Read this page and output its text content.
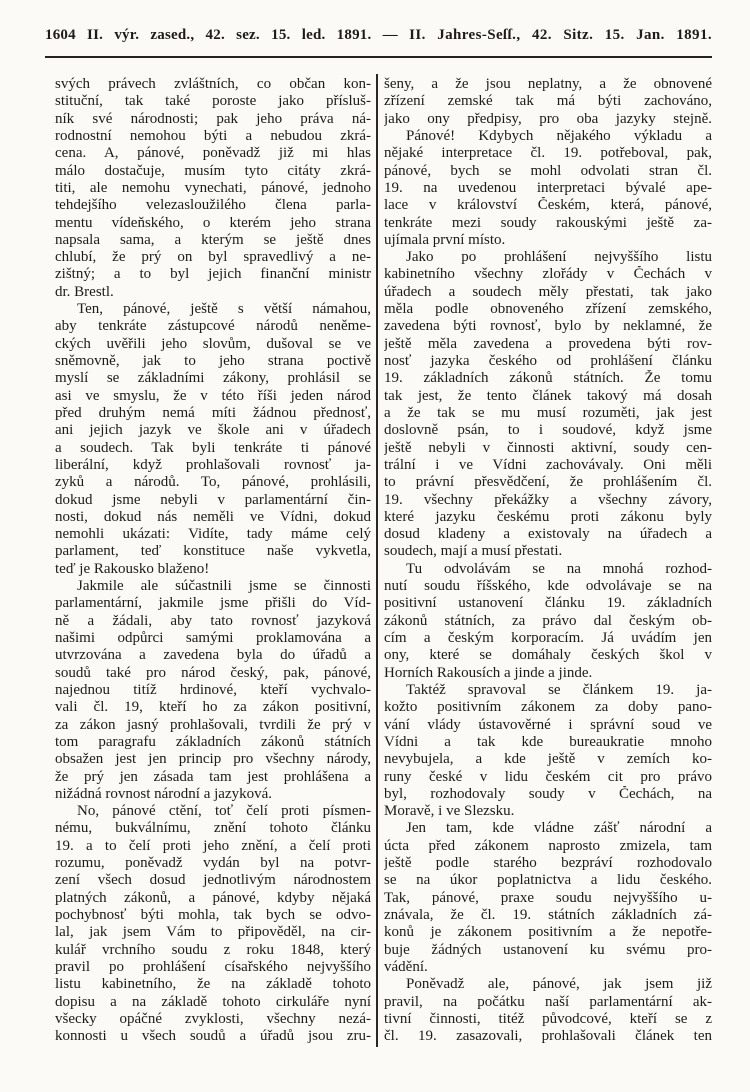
1604 II. výr. zased., 42. sez. 15. led. 1891. — II. Jahres-Seſſ., 42. Sitz. 15. Jan. 1891.
svých právech zvláštních, co občan kon-
stituční, tak také poroste jako přísluš-
ník své národnosti; pak jeho práva ná-
rodnostní nemohou býti a nebudou zkrá-
cena. A, pánové, poněvadž již mi hlas
málo dostačuje, musím tyto citáty zkrá-
titi, ale nemohu vynechati, pánové, jednoho
tehdejšího velezasloužilého člena parla-
mentu vídeňského, o kterém jeho strana
napsala sama, a kterým se ještě dnes
chlubí, že prý on byl spravedlivý a ne-
zištný; a to byl jejich finanční ministr
dr. Brestl.
Ten, pánové, ještě s větší námahou,
aby tenkráte zástupcové národů neněme-
ckých uvěřili jeho slovům, dušoval se ve
sněmovně, jak to jeho strana poctivě
myslí se základními zákony, prohlásil se
asi ve smyslu, že v této říši jeden národ
před druhým nemá míti žádnou přednosť,
ani jejich jazyk ve škole ani v úřadech
a soudech. Tak byli tenkráte ti pánové
liberální, když prohlašovali rovnosť ja-
zyků a národů. To, pánové, prohlásili,
dokud jsme nebyli v parlamentární čin-
nosti, dokud nás neměli ve Vídni, dokud
nemohli ukázati: Vidíte, tady máme celý
parlament, teď konstituce naše vykvetla,
teď je Rakousko blaženo!
Jakmile ale súčastnili jsme se činnosti
parlamentární, jakmile jsme přišli do Víd-
ně a žádali, aby tato rovnosť jazyková
našimi odpůrci samými proklamována a
utvrzována a zavedena byla do úřadů a
soudů také pro národ český, pak, pánové,
najednou titíž hrdinové, kteří vychvalo-
vali čl. 19, kteří ho za zákon positivní,
za zákon jasný prohlašovali, tvrdili že prý v
tom paragrafu základních zákonů státních
obsažen jest jen princip pro všechny národy,
že prý jen zásada tam jest prohlášena a
nižádná rovnost národní a jazyková.
No, pánové ctění, toť čelí proti písmen-
nému, bukválnímu, znění tohoto článku
19. a to čelí proti jeho znění, a čelí proti
rozumu, poněvadž vydán byl na potvr-
zení všech dosud jednotlivým národnostem
platných zákonů, a pánové, kdyby nějaká
pochybnosť býti mohla, tak bych se odvo-
lal, jak jsem Vám to připověděl, na cir-
kulář vrchního soudu z roku 1848, který
pravil po prohlášení císařského nejvyššího
listu kabinetního, že na základě tohoto
dopisu a na základě tohoto cirkuláře nyní
všecky opáčné zvyklosti, všechny nezá-
konnosti u všech soudů a úřadů jsou zru-
šeny, a že jsou neplatny, a že obnovené
zřízení zemské tak má býti zachováno,
jako ony předpisy, pro oba jazyky stejně.
Pánové! Kdybych nějakého výkladu a
nějaké interpretace čl. 19. potřeboval, pak,
pánové, bych se mohl odvolati stran čl.
19. na uvedenou interpretaci bývalé ape-
lace v království Českém, která, pánové,
tenkráte mezi soudy rakouskými ještě za-
ujímala první místo.
Jako po prohlášení nejvyššího listu
kabinetního všechny zlořády v Čechách v
úřadech a soudech měly přestati, tak jako
měla podle obnoveného zřízení zemského,
zavedena býti rovnosť, bylo by neklamné, že
ještě měla zavedena a provedena býti rov-
nosť jazyka českého od prohlášení článku
19. základních zákonů státních. Že tomu
tak jest, že tento článek takový má dosah
a že tak se mu musí rozuměti, jak jest
doslovně psán, to i soudové, když jsme
ještě nebyli v činnosti aktivní, soudy cen-
trální i ve Vídni zachovávaly. Oni měli
to právní přesvědčení, že prohlášením čl.
19. všechny překážky a všechny závory,
které jazyku českému proti zákonu byly
dosud kladeny a existovaly na úřadech a
soudech, mají a musí přestati.
Tu odvolávám se na mnohá rozhod-
nutí soudu říšského, kde odvolávaje se na
positivní ustanovení článku 19. základních
zákonů státních, za právo dal českým ob-
cím a českým korporacím. Já uvádím jen
ony, které se domáhaly českých škol v
Horních Rakousích a jinde a jinde.
Taktéž spravoval se článkem 19. ja-
kožto positivním zákonem za doby pano-
vání vlády ústavověrné i správní soud ve
Vídni a tak kde bureaukratie mnoho
nevybujela, a kde ještě v zemích ko-
runy české v lidu českém cit pro právo
byl, rozhodovaly soudy v Čechách, na
Moravě, i ve Slezsku.
Jen tam, kde vládne zášť národní a
úcta před zákonem naprosto zmizela, tam
ještě podle starého bezpráví rozhodovalo
se na úkor poplatnictva a lidu českého.
Tak, pánové, praxe soudu nejvyššího u-
znávala, že čl. 19. státních základních zá-
konů je zákonem positivním a že nepotře-
buje žádných ustanovení ku svému pro-
vádění.
Poněvadž ale, pánové, jak jsem již
pravil, na počátku naší parlamentární ak-
tivní činnosti, titéž původcové, kteří se z
čl. 19. zasazovali, prohlašovali článek ten
